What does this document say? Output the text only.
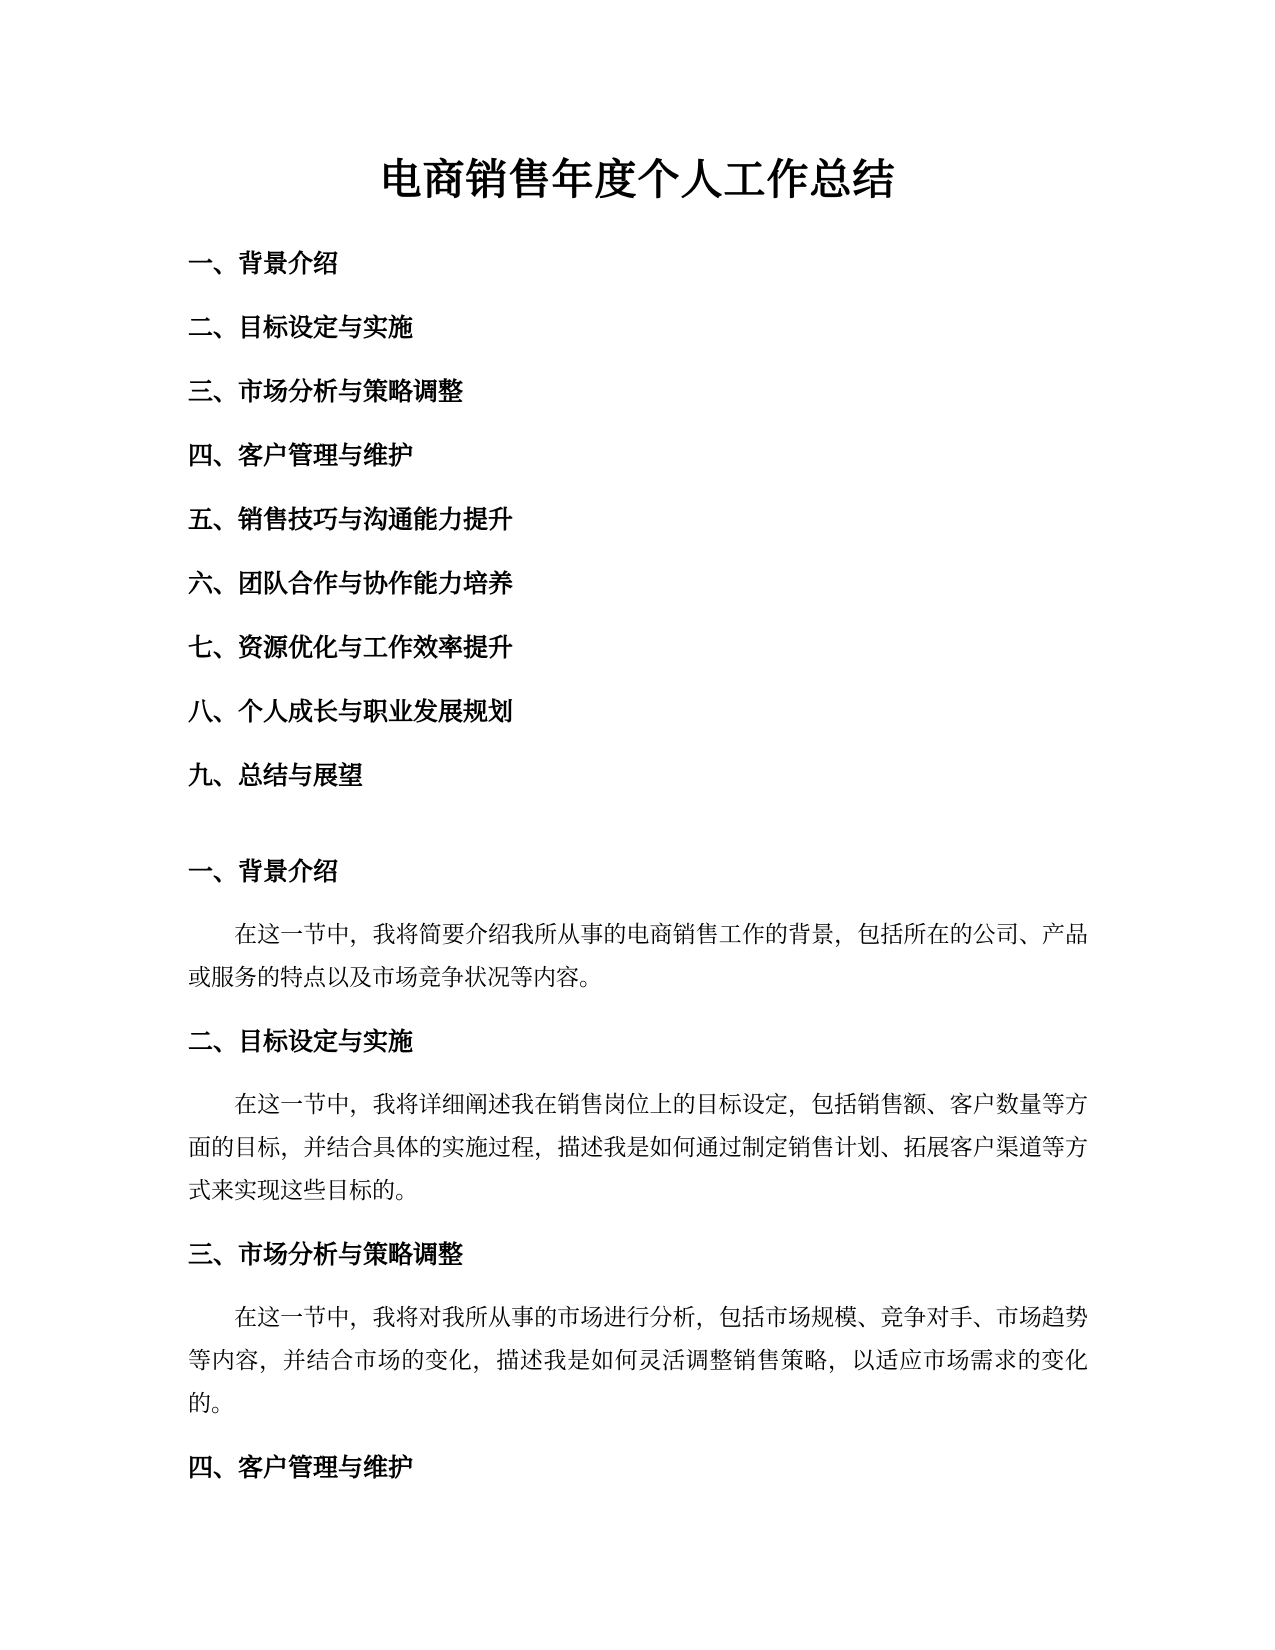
电商销售年度个人工作总结
一、背景介绍
二、目标设定与实施
三、市场分析与策略调整
四、客户管理与维护
五、销售技巧与沟通能力提升
六、团队合作与协作能力培养
七、资源优化与工作效率提升
八、个人成长与职业发展规划
九、总结与展望
一、背景介绍

在这一节中，我将简要介绍我所从事的电商销售工作的背景，包括所在的公司、产品或服务的特点以及市场竞争状况等内容。

二、目标设定与实施

在这一节中，我将详细阐述我在销售岗位上的目标设定，包括销售额、客户数量等方面的目标，并结合具体的实施过程，描述我是如何通过制定销售计划、拓展客户渠道等方式来实现这些目标的。

三、市场分析与策略调整

在这一节中，我将对我所从事的市场进行分析，包括市场规模、竞争对手、市场趋势等内容，并结合市场的变化，描述我是如何灵活调整销售策略，以适应市场需求的变化的。

四、客户管理与维护
